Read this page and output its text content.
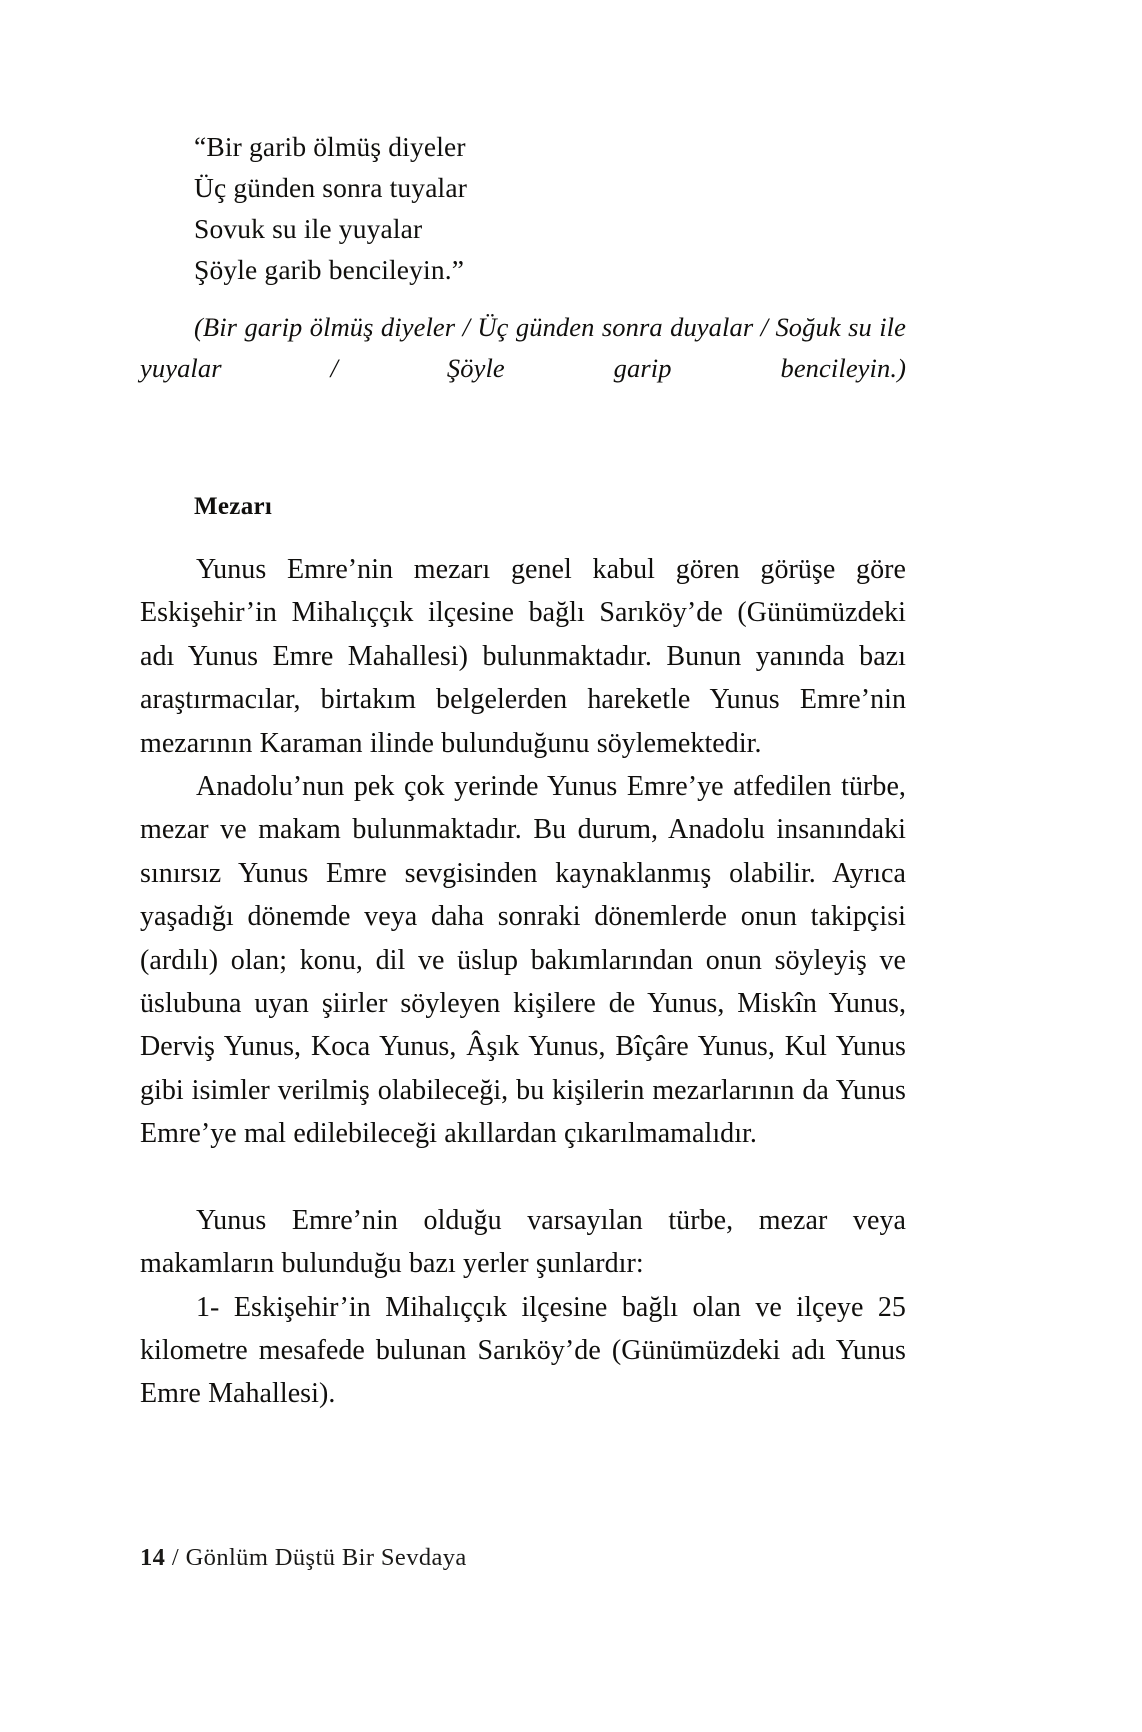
“Bir garib ölmüş diyeler
Üç günden sonra tuyalar
Sovuk su ile yuyalar
Şöyle garib bencileyin.”

(Bir garip ölmüş diyeler / Üç günden sonra duyalar / Soğuk su ile yuyalar / Şöyle garip bencileyin.)

Mezarı

Yunus Emre’nin mezarı genel kabul gören görüşe göre Eskişehir’in Mihalıççık ilçesine bağlı Sarıköy’de (Günümüzdeki adı Yunus Emre Mahallesi) bulunmaktadır. Bunun yanında bazı araştırmacılar, birtakım belgelerden hareketle Yunus Emre’nin mezarının Karaman ilinde bulunduğunu söylemektedir.

Anadolu’nun pek çok yerinde Yunus Emre’ye atfedilen türbe, mezar ve makam bulunmaktadır. Bu durum, Anadolu insanındaki sınırsız Yunus Emre sevgisinden kaynaklanmış olabilir. Ayrıca yaşadığı dönemde veya daha sonraki dönemlerde onun takipçisi (ardılı) olan; konu, dil ve üslup bakımlarından onun söyleyiş ve üslubuna uyan şiirler söyleyen kişilere de Yunus, Miskîn Yunus, Derviş Yunus, Koca Yunus, Âşık Yunus, Bîçâre Yunus, Kul Yunus gibi isimler verilmiş olabileceği, bu kişilerin mezarlarının da Yunus Emre’ye mal edilebileceği akıllardan çıkarılmamalıdır.

Yunus Emre’nin olduğu varsayılan türbe, mezar veya makamların bulunduğu bazı yerler şunlardır:

1- Eskişehir’in Mihalıççık ilçesine bağlı olan ve ilçeye 25 kilometre mesafede bulunan Sarıköy’de (Günümüzdeki adı Yunus Emre Mahallesi).

14 / Gönlüm Düştü Bir Sevdaya
